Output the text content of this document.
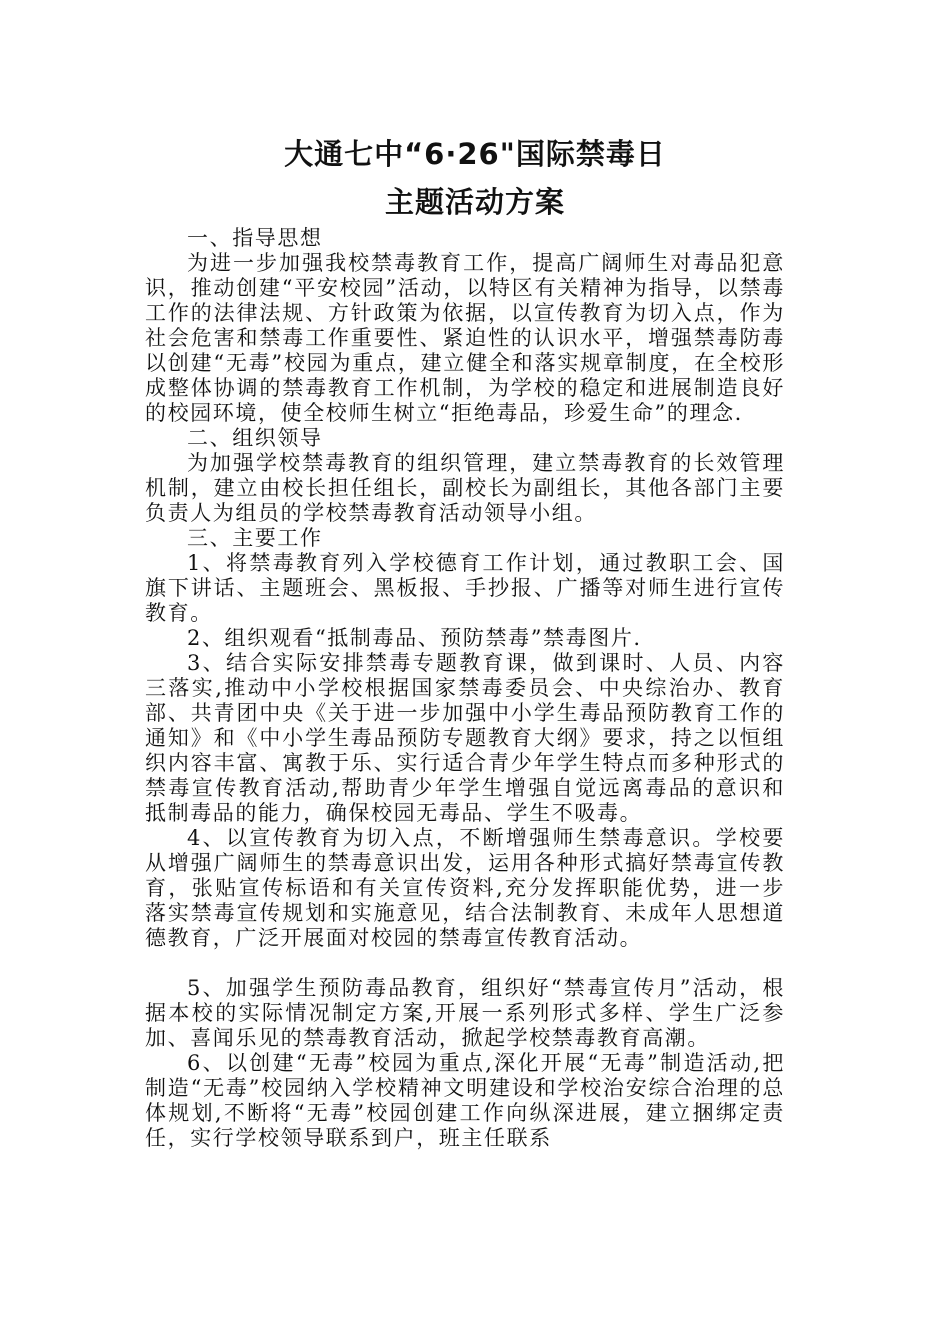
大通七中“6·26"国际禁毒日
主题活动方案

一、指导思想

为进一步加强我校禁毒教育工作，提高广阔师生对毒品犯意识，推动创建“平安校园”活动，以特区有关精神为指导，以禁毒工作的法律法规、方针政策为依据，以宣传教育为切入点，作为社会危害和禁毒工作重要性、紧迫性的认识水平，增强禁毒防毒以创建“无毒”校园为重点，建立健全和落实规章制度，在全校形成整体协调的禁毒教育工作机制，为学校的稳定和进展制造良好的校园环境，使全校师生树立“拒绝毒品，珍爱生命”的理念.

二、组织领导

为加强学校禁毒教育的组织管理，建立禁毒教育的长效管理机制，建立由校长担任组长，副校长为副组长，其他各部门主要负责人为组员的学校禁毒教育活动领导小组。

三、主要工作

1、将禁毒教育列入学校德育工作计划，通过教职工会、国旗下讲话、主题班会、黑板报、手抄报、广播等对师生进行宣传教育。

2、组织观看“抵制毒品、预防禁毒”禁毒图片.

3、结合实际安排禁毒专题教育课，做到课时、人员、内容三落实,推动中小学校根据国家禁毒委员会、中央综治办、教育部、共青团中央《关于进一步加强中小学生毒品预防教育工作的通知》和《中小学生毒品预防专题教育大纲》要求，持之以恒组织内容丰富、寓教于乐、实行适合青少年学生特点而多种形式的禁毒宣传教育活动,帮助青少年学生增强自觉远离毒品的意识和抵制毒品的能力，确保校园无毒品、学生不吸毒。

4、以宣传教育为切入点，不断增强师生禁毒意识。学校要从增强广阔师生的禁毒意识出发，运用各种形式搞好禁毒宣传教育，张贴宣传标语和有关宣传资料,充分发挥职能优势，进一步落实禁毒宣传规划和实施意见，结合法制教育、未成年人思想道德教育，广泛开展面对校园的禁毒宣传教育活动。

5、加强学生预防毒品教育，组织好“禁毒宣传月”活动，根据本校的实际情况制定方案,开展一系列形式多样、学生广泛参加、喜闻乐见的禁毒教育活动，掀起学校禁毒教育高潮。

6、以创建“无毒”校园为重点,深化开展“无毒”制造活动,把制造“无毒”校园纳入学校精神文明建设和学校治安综合治理的总体规划,不断将“无毒”校园创建工作向纵深进展，建立捆绑定责任，实行学校领导联系到户，班主任联系
